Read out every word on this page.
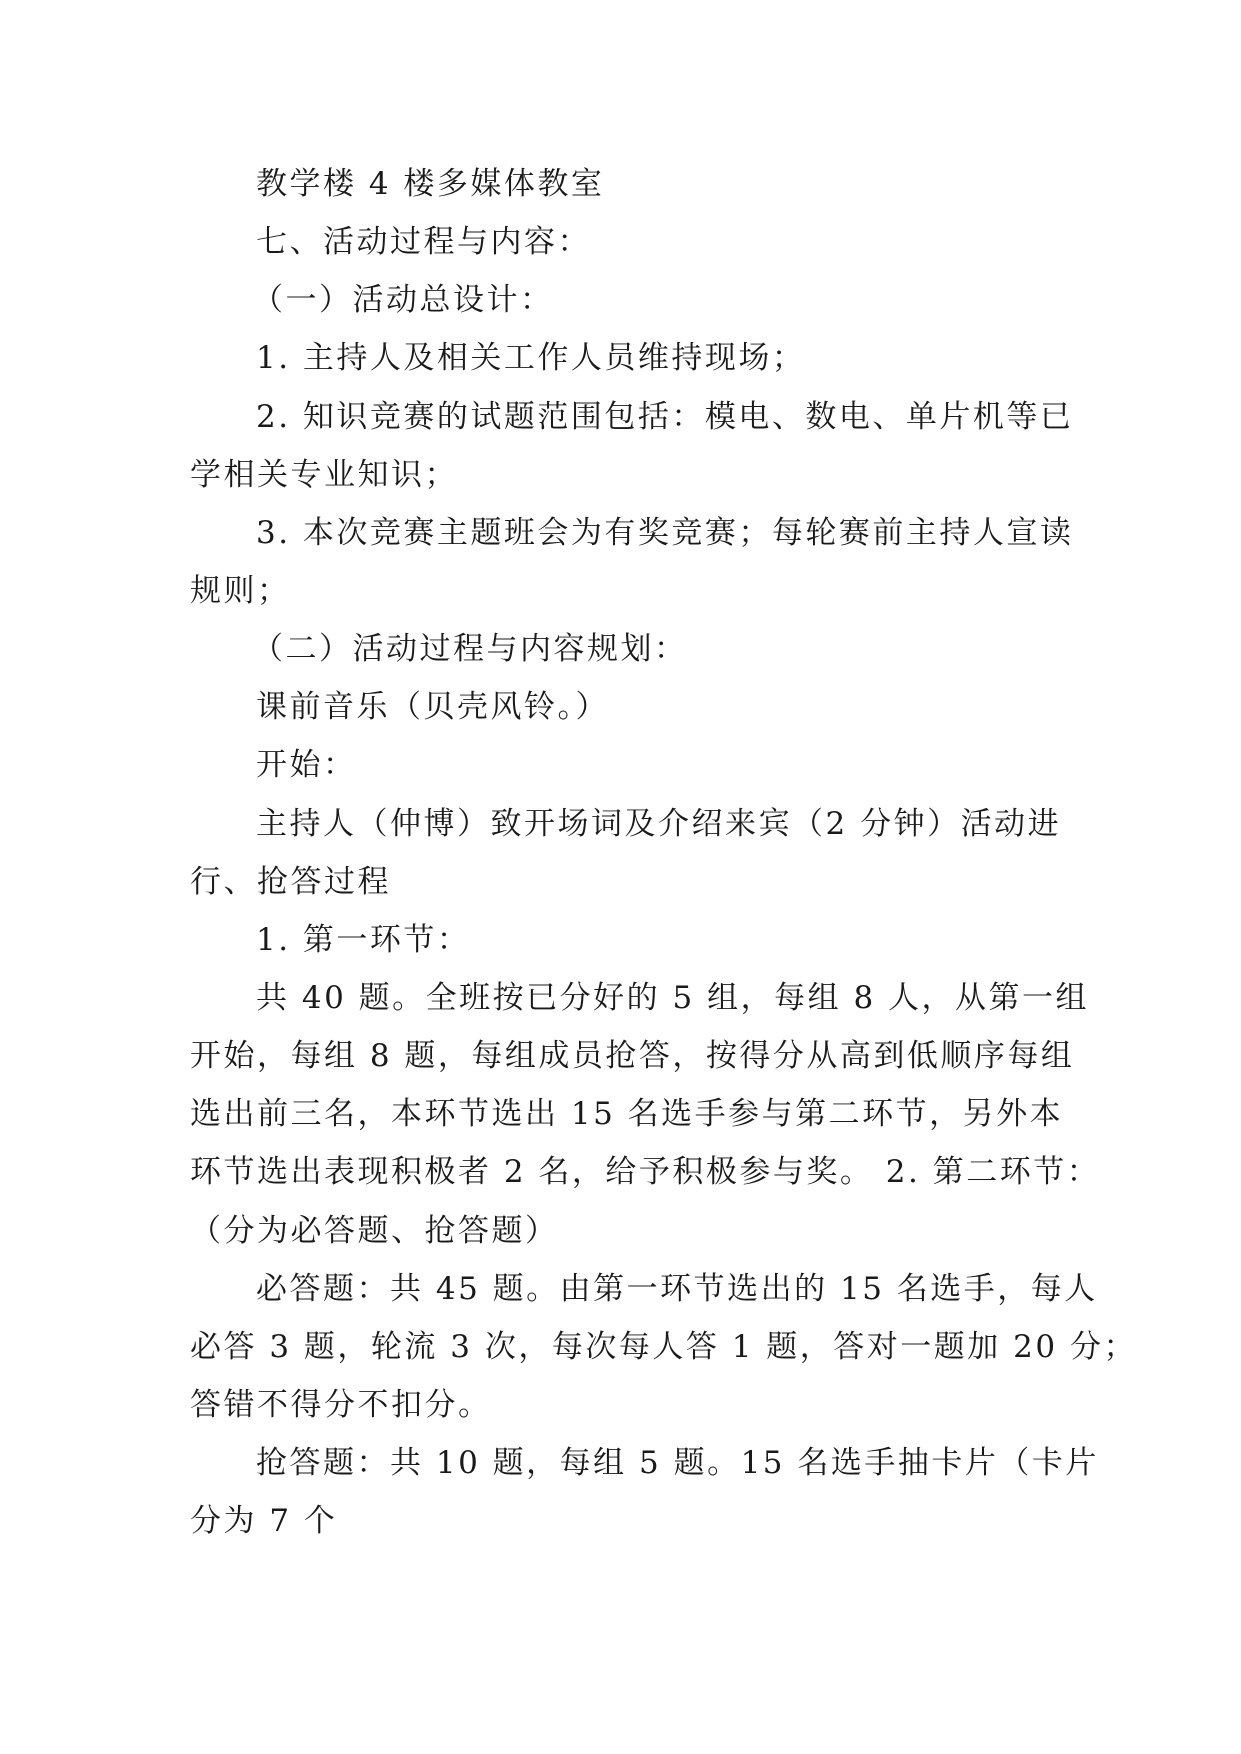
教学楼 4 楼多媒体教室
七、活动过程与内容：
（一）活动总设计：
1. 主持人及相关工作人员维持现场；
2. 知识竞赛的试题范围包括：模电、数电、单片机等已
学相关专业知识；
3. 本次竞赛主题班会为有奖竞赛；每轮赛前主持人宣读
规则；
（二）活动过程与内容规划：
课前音乐（贝壳风铃。）
开始：
主持人（仲博）致开场词及介绍来宾（2 分钟）活动进
行、抢答过程
1. 第一环节：
共 40 题。全班按已分好的 5 组，每组 8 人，从第一组
开始，每组 8 题，每组成员抢答，按得分从高到低顺序每组
选出前三名，本环节选出 15 名选手参与第二环节，另外本
环节选出表现积极者 2 名，给予积极参与奖。 2. 第二环节：
（分为必答题、抢答题）
必答题：共 45 题。由第一环节选出的 15 名选手，每人
必答 3 题，轮流 3 次，每次每人答 1 题，答对一题加 20 分；
答错不得分不扣分。
抢答题：共 10 题，每组 5 题。15 名选手抽卡片（卡片
分为 7 个
